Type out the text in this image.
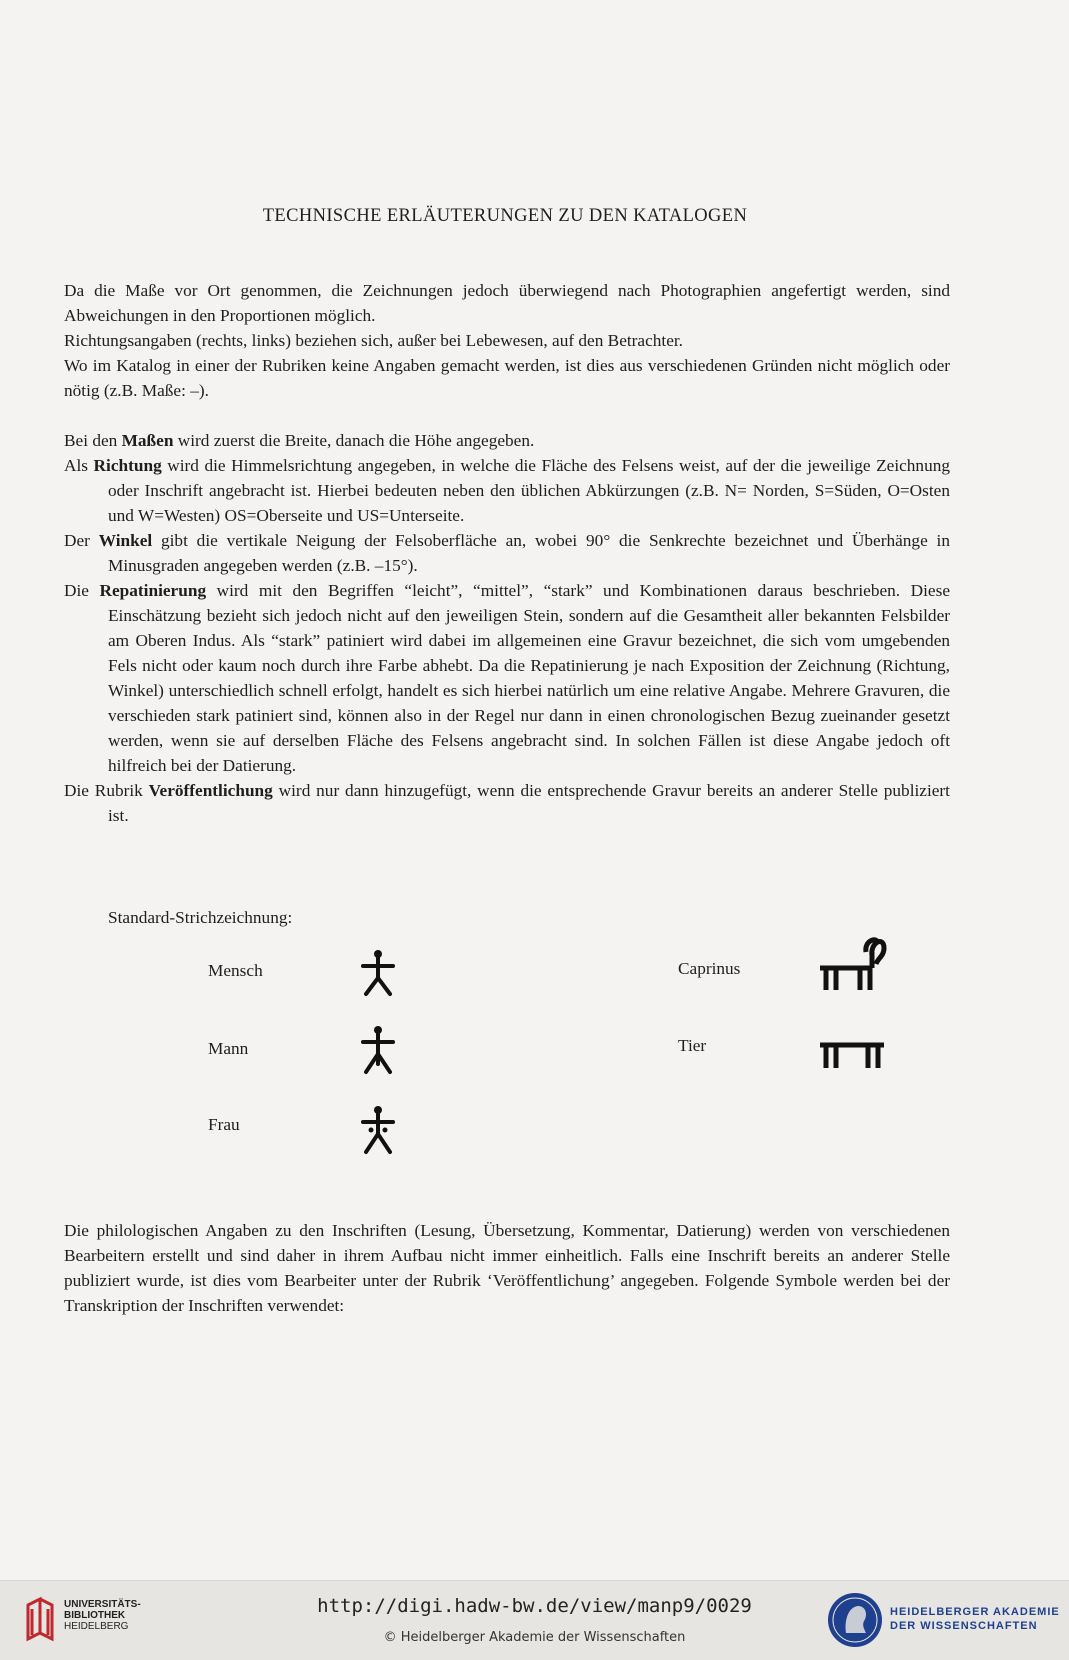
TECHNISCHE ERLÄUTERUNGEN ZU DEN KATALOGEN

Da die Maße vor Ort genommen, die Zeichnungen jedoch überwiegend nach Photographien angefertigt werden, sind Abweichungen in den Proportionen möglich.

Richtungsangaben (rechts, links) beziehen sich, außer bei Lebewesen, auf den Betrachter.

Wo im Katalog in einer der Rubriken keine Angaben gemacht werden, ist dies aus verschiedenen Gründen nicht möglich oder nötig (z.B. Maße: –).

Bei den Maßen wird zuerst die Breite, danach die Höhe angegeben.

Als Richtung wird die Himmelsrichtung angegeben, in welche die Fläche des Felsens weist, auf der die jeweilige Zeichnung oder Inschrift angebracht ist. Hierbei bedeuten neben den üblichen Abkürzungen (z.B. N= Norden, S=Süden, O=Osten und W=Westen) OS=Oberseite und US=Unterseite.

Der Winkel gibt die vertikale Neigung der Felsoberfläche an, wobei 90° die Senkrechte bezeichnet und Überhänge in Minusgraden angegeben werden (z.B. –15°).

Die Repatinierung wird mit den Begriffen “leicht”, “mittel”, “stark” und Kombinationen daraus beschrieben. Diese Einschätzung bezieht sich jedoch nicht auf den jeweiligen Stein, sondern auf die Gesamtheit aller bekannten Felsbilder am Oberen Indus. Als “stark” patiniert wird dabei im allgemeinen eine Gravur bezeichnet, die sich vom umgebenden Fels nicht oder kaum noch durch ihre Farbe abhebt. Da die Repatinierung je nach Exposition der Zeichnung (Richtung, Winkel) unterschiedlich schnell erfolgt, handelt es sich hierbei natürlich um eine relative Angabe. Mehrere Gravuren, die verschieden stark patiniert sind, können also in der Regel nur dann in einen chronologischen Bezug zueinander gesetzt werden, wenn sie auf derselben Fläche des Felsens angebracht sind. In solchen Fällen ist diese Angabe jedoch oft hilfreich bei der Datierung.

Die Rubrik Veröffentlichung wird nur dann hinzugefügt, wenn die entsprechende Gravur bereits an anderer Stelle publiziert ist.

Standard-Strichzeichnung:
Mensch
Mann
Frau
Caprinus
Tier
Die philologischen Angaben zu den Inschriften (Lesung, Übersetzung, Kommentar, Datierung) werden von verschiedenen Bearbeitern erstellt und sind daher in ihrem Aufbau nicht immer einheitlich. Falls eine Inschrift bereits an anderer Stelle publiziert wurde, ist dies vom Bearbeiter unter der Rubrik ‘Veröffentlichung’ angegeben. Folgende Symbole werden bei der Transkription der Inschriften verwendet:
UNIVERSITÄTS-
BIBLIOTHEK
HEIDELBERG
http://digi.hadw-bw.de/view/manp9/0029
© Heidelberger Akademie der Wissenschaften
HEIDELBERGER AKADEMIE
DER WISSENSCHAFTEN
